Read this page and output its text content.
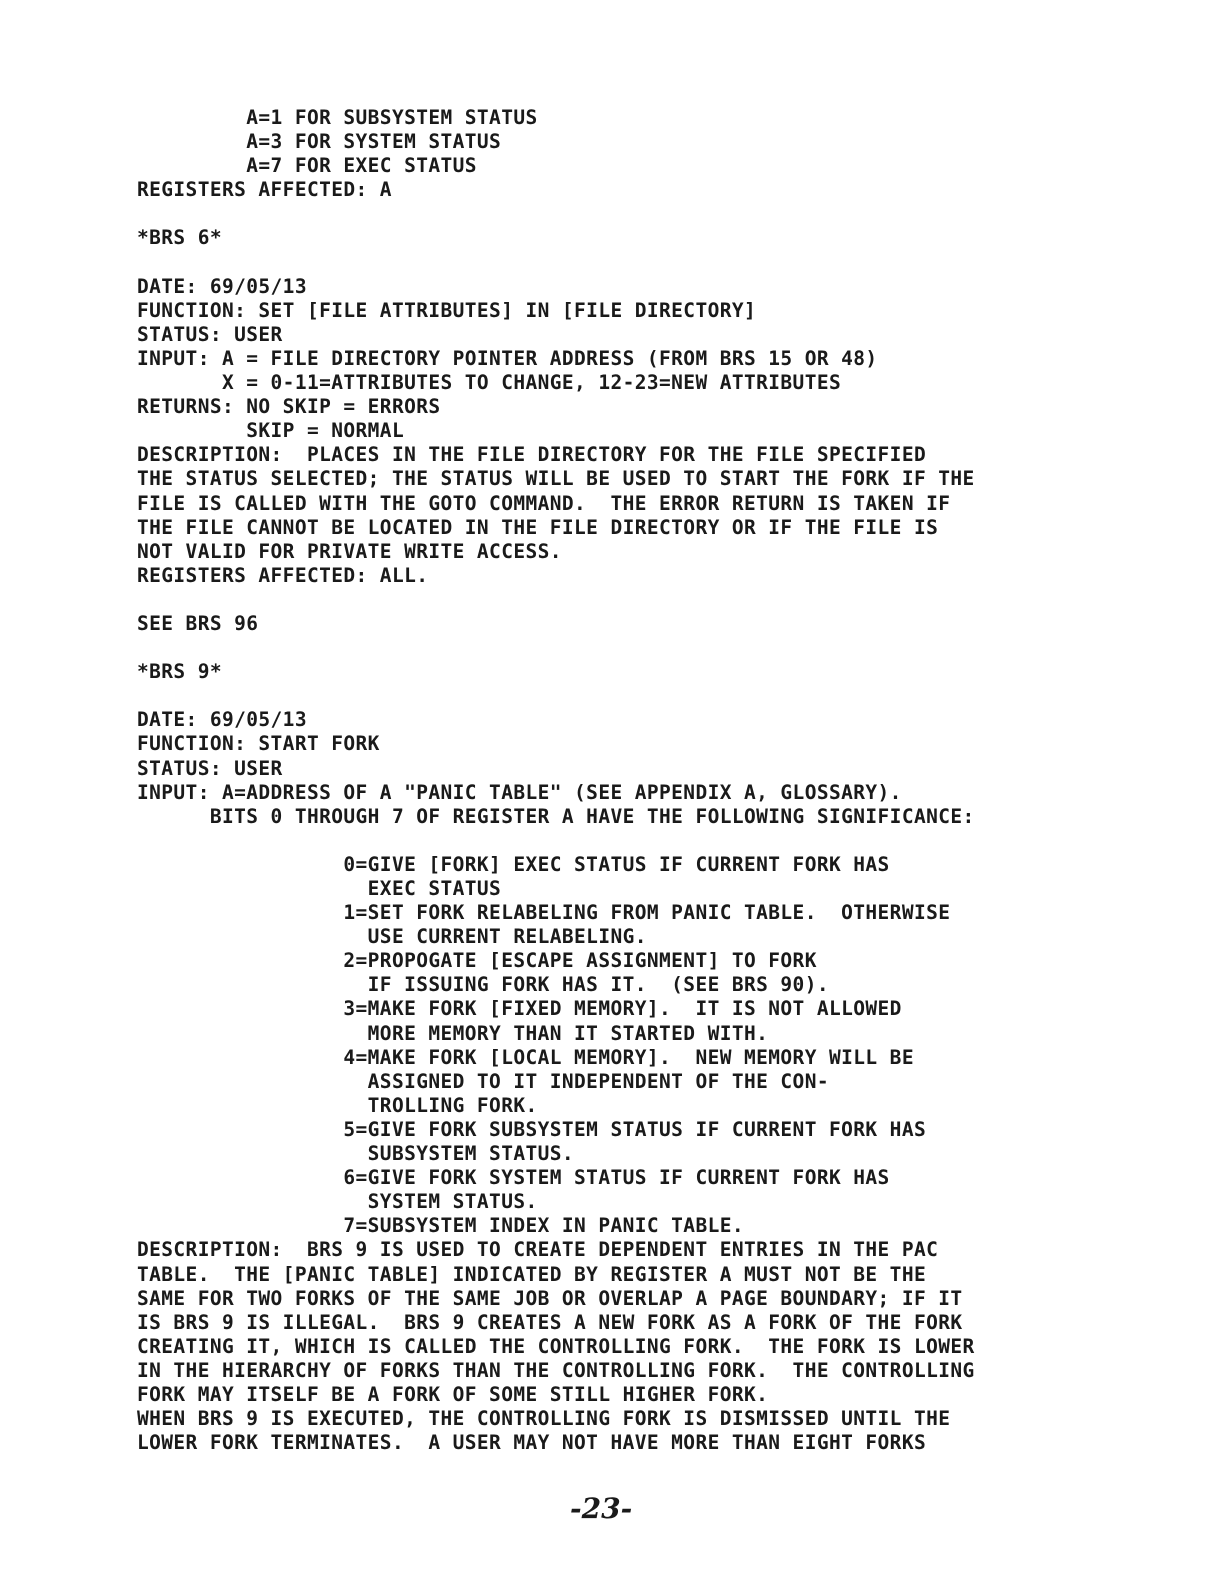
A=1 FOR SUBSYSTEM STATUS
A=3 FOR SYSTEM STATUS
A=7 FOR EXEC STATUS
REGISTERS AFFECTED: A
*BRS 6*
DATE: 69/05/13
FUNCTION: SET [FILE ATTRIBUTES] IN [FILE DIRECTORY]
STATUS: USER
INPUT: A = FILE DIRECTORY POINTER ADDRESS (FROM BRS 15 OR 48)
X = 0-11=ATTRIBUTES TO CHANGE, 12-23=NEW ATTRIBUTES
RETURNS: NO SKIP = ERRORS
SKIP = NORMAL
DESCRIPTION:  PLACES IN THE FILE DIRECTORY FOR THE FILE SPECIFIED
THE STATUS SELECTED; THE STATUS WILL BE USED TO START THE FORK IF THE
FILE IS CALLED WITH THE GOTO COMMAND.  THE ERROR RETURN IS TAKEN IF
THE FILE CANNOT BE LOCATED IN THE FILE DIRECTORY OR IF THE FILE IS
NOT VALID FOR PRIVATE WRITE ACCESS.
REGISTERS AFFECTED: ALL.
SEE BRS 96
*BRS 9*
DATE: 69/05/13
FUNCTION: START FORK
STATUS: USER
INPUT: A=ADDRESS OF A "PANIC TABLE" (SEE APPENDIX A, GLOSSARY).
BITS 0 THROUGH 7 OF REGISTER A HAVE THE FOLLOWING SIGNIFICANCE:
0=GIVE [FORK] EXEC STATUS IF CURRENT FORK HAS
EXEC STATUS
1=SET FORK RELABELING FROM PANIC TABLE.  OTHERWISE
USE CURRENT RELABELING.
2=PROPOGATE [ESCAPE ASSIGNMENT] TO FORK
IF ISSUING FORK HAS IT.  (SEE BRS 90).
3=MAKE FORK [FIXED MEMORY].  IT IS NOT ALLOWED
MORE MEMORY THAN IT STARTED WITH.
4=MAKE FORK [LOCAL MEMORY].  NEW MEMORY WILL BE
ASSIGNED TO IT INDEPENDENT OF THE CON-
TROLLING FORK.
5=GIVE FORK SUBSYSTEM STATUS IF CURRENT FORK HAS
SUBSYSTEM STATUS.
6=GIVE FORK SYSTEM STATUS IF CURRENT FORK HAS
SYSTEM STATUS.
7=SUBSYSTEM INDEX IN PANIC TABLE.
DESCRIPTION:  BRS 9 IS USED TO CREATE DEPENDENT ENTRIES IN THE PAC
TABLE.  THE [PANIC TABLE] INDICATED BY REGISTER A MUST NOT BE THE
SAME FOR TWO FORKS OF THE SAME JOB OR OVERLAP A PAGE BOUNDARY; IF IT
IS BRS 9 IS ILLEGAL.  BRS 9 CREATES A NEW FORK AS A FORK OF THE FORK
CREATING IT, WHICH IS CALLED THE CONTROLLING FORK.  THE FORK IS LOWER
IN THE HIERARCHY OF FORKS THAN THE CONTROLLING FORK.  THE CONTROLLING
FORK MAY ITSELF BE A FORK OF SOME STILL HIGHER FORK.
WHEN BRS 9 IS EXECUTED, THE CONTROLLING FORK IS DISMISSED UNTIL THE
LOWER FORK TERMINATES.  A USER MAY NOT HAVE MORE THAN EIGHT FORKS
-23-
